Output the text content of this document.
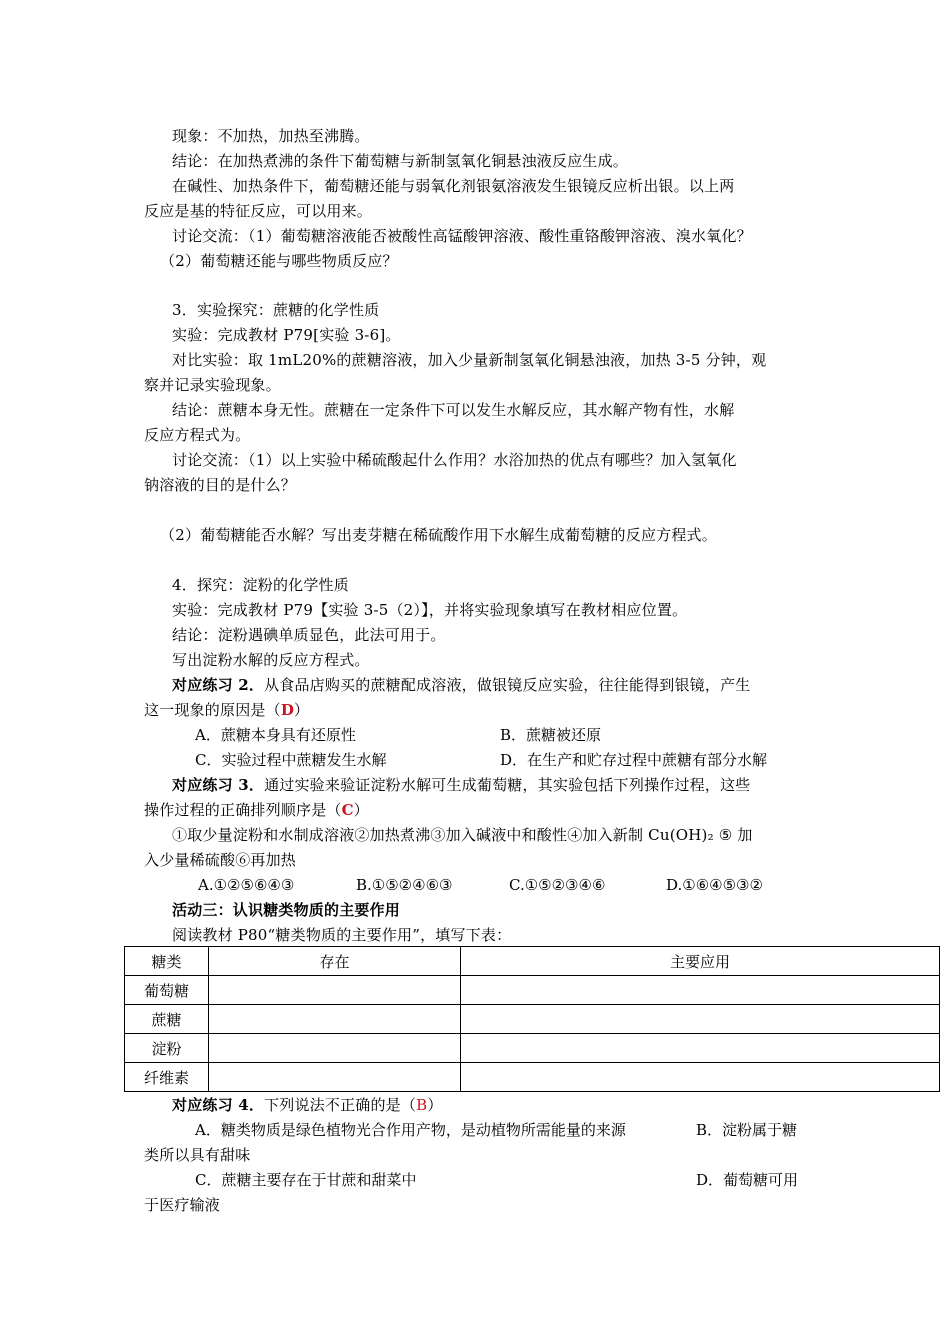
现象：不加热，加热至沸腾。
结论：在加热煮沸的条件下葡萄糖与新制氢氧化铜悬浊液反应生成。
在碱性、加热条件下，葡萄糖还能与弱氧化剂银氨溶液发生银镜反应析出银。以上两
反应是基的特征反应，可以用来。
讨论交流：（1）葡萄糖溶液能否被酸性高锰酸钾溶液、酸性重铬酸钾溶液、溴水氧化？
（2）葡萄糖还能与哪些物质反应？
3．实验探究：蔗糖的化学性质
实验：完成教材 P79[实验 3-6]。
对比实验：取 1mL20%的蔗糖溶液，加入少量新制氢氧化铜悬浊液，加热 3-5 分钟，观
察并记录实验现象。
结论：蔗糖本身无性。蔗糖在一定条件下可以发生水解反应，其水解产物有性，水解
反应方程式为。
讨论交流：（1）以上实验中稀硫酸起什么作用？水浴加热的优点有哪些？加入氢氧化
钠溶液的目的是什么？
（2）葡萄糖能否水解？写出麦芽糖在稀硫酸作用下水解生成葡萄糖的反应方程式。
4．探究：淀粉的化学性质
实验：完成教材 P79【实验 3-5（2）】，并将实验现象填写在教材相应位置。
结论：淀粉遇碘单质显色，此法可用于。
写出淀粉水解的反应方程式。
对应练习 2．从食品店购买的蔗糖配成溶液，做银镜反应实验，往往能得到银镜，产生
这一现象的原因是（D）
A．蔗糖本身具有还原性	B．蔗糖被还原
C．实验过程中蔗糖发生水解	D．在生产和贮存过程中蔗糖有部分水解
对应练习 3．通过实验来验证淀粉水解可生成葡萄糖，其实验包括下列操作过程，这些
操作过程的正确排列顺序是（C）
①取少量淀粉和水制成溶液②加热煮沸③加入碱液中和酸性④加入新制 Cu(OH)₂ ⑤ 加
入少量稀硫酸⑥再加热
A.①②⑤⑥④③	B.①⑤②④⑥③	C.①⑤②③④⑥	D.①⑥④⑤③②
活动三：认识糖类物质的主要作用
阅读教材 P80“糖类物质的主要作用”，填写下表：
糖类	存在	主要应用
葡萄糖		
蔗糖		
淀粉		
纤维素		
对应练习 4．下列说法不正确的是（B）
A．糖类物质是绿色植物光合作用产物，是动植物所需能量的来源	B．淀粉属于糖
类所以具有甜味
C．蔗糖主要存在于甘蔗和甜菜中	D．葡萄糖可用
于医疗输液
